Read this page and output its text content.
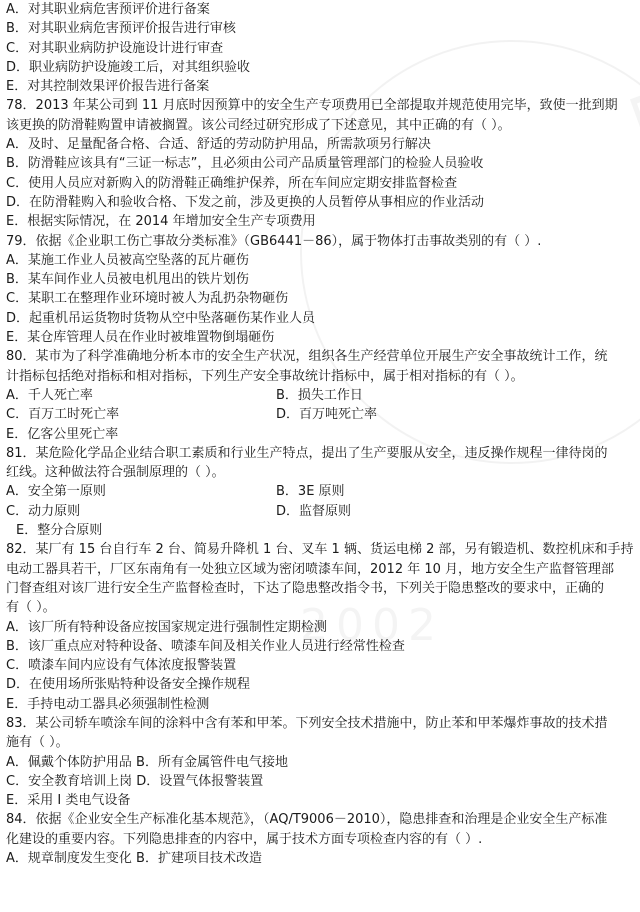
A．对其职业病危害预评价进行备案
B．对其职业病危害预评价报告进行审核
C．对其职业病防护设施设计进行审查
D．职业病防护设施竣工后，对其组织验收
E．对其控制效果评价报告进行备案
78．2013 年某公司到 11 月底时因预算中的安全生产专项费用已全部提取并规范使用完毕，致使一批到期
该更换的防滑鞋购置申请被搁置。该公司经过研究形成了下述意见，其中正确的有（ ）。
A．及时、足量配备合格、合适、舒适的劳动防护用品，所需款项另行解决
B．防滑鞋应该具有“三证一标志”，且必须由公司产品质量管理部门的检验人员验收
C．使用人员应对新购入的防滑鞋正确维护保养，所在车间应定期安排监督检查
D．在防滑鞋购入和验收合格、下发之前，涉及更换的人员暂停从事相应的作业活动
E．根据实际情况，在 2014 年增加安全生产专项费用
79．依据《企业职工伤亡事故分类标准》（GB6441－86），属于物体打击事故类别的有（ ）.
A．某施工作业人员被高空坠落的瓦片砸伤
B．某车间作业人员被电机甩出的铁片划伤
C．某职工在整理作业环境时被人为乱扔杂物砸伤
D．起重机吊运货物时货物从空中坠落砸伤某作业人员
E．某仓库管理人员在作业时被堆置物倒塌砸伤
80．某市为了科学准确地分析本市的安全生产状况，组织各生产经营单位开展生产安全事故统计工作，统
计指标包括绝对指标和相对指标，下列生产安全事故统计指标中，属于相对指标的有（ ）。
A．千人死亡率	B．损失工作日
C．百万工时死亡率	D．百万吨死亡率
E．亿客公里死亡率
81．某危险化学品企业结合职工素质和行业生产特点，提出了生产要服从安全，违反操作规程一律待岗的
红线。这种做法符合强制原理的（ ）。
A．安全第一原则	B．3E 原则
C．动力原则	D．监督原则
E．整分合原则
82．某厂有 15 台自行车 2 台、简易升降机 1 台、叉车 1 辆、货运电梯 2 部，另有锻造机、数控机床和手持
电动工器具若干，厂区东南角有一处独立区域为密闭喷漆车间，2012 年 10 月，地方安全生产监督管理部
门督查组对该厂进行安全生产监督检查时，下达了隐患整改指令书，下列关于隐患整改的要求中，正确的
有（ ）。
A．该厂所有特种设备应按国家规定进行强制性定期检测
B．该厂重点应对特种设备、喷漆车间及相关作业人员进行经常性检查
C．喷漆车间内应设有气体浓度报警装置
D．在使用场所张贴特种设备安全操作规程
E．手持电动工器具必须强制性检测
83．某公司轿车喷涂车间的涂料中含有苯和甲苯。下列安全技术措施中，防止苯和甲苯爆炸事故的技术措
施有（ ）。
A．佩戴个体防护用品 B．所有金属管件电气接地
C．安全教育培训上岗 D．设置气体报警装置
E．采用 I 类电气设备
84．依据《企业安全生产标准化基本规范》，（AQ/T9006－2010），隐患排查和治理是企业安全生产标准
化建设的重要内容。下列隐患排查的内容中，属于技术方面专项检查内容的有（ ）.
A．规章制度发生变化 B．扩建项目技术改造
